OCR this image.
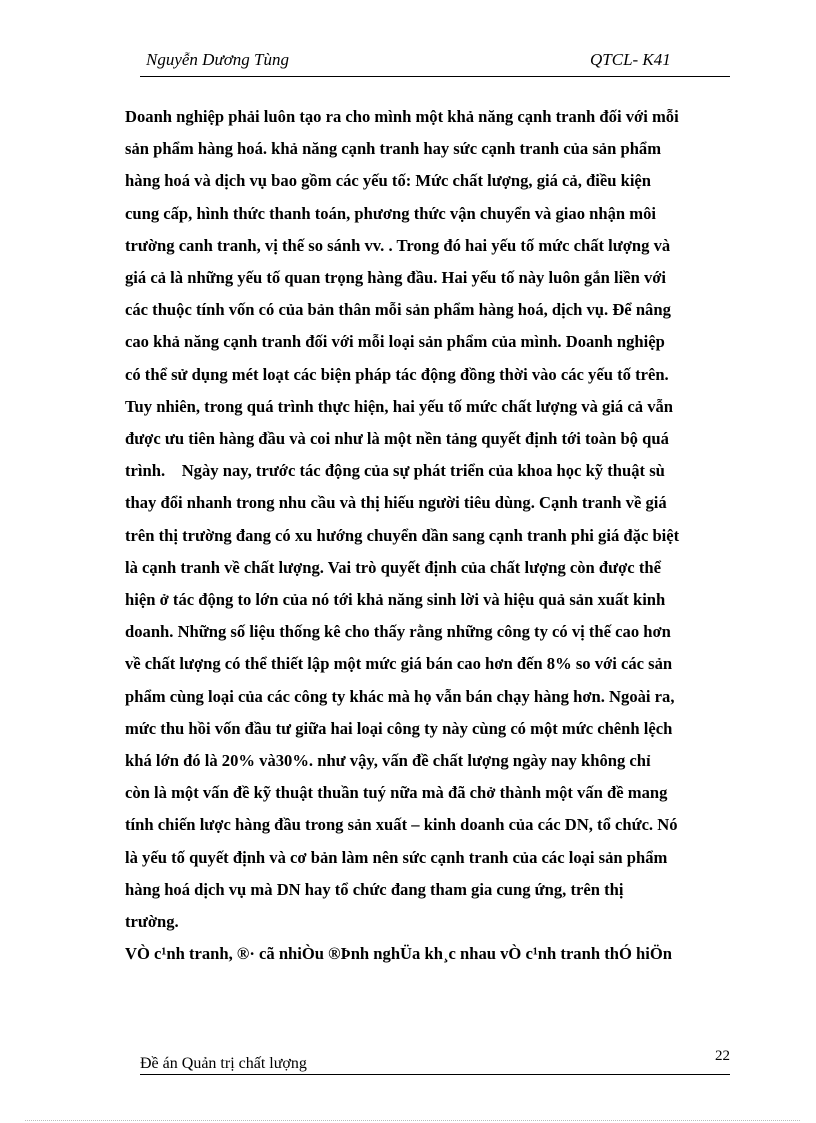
Nguyễn Dương Tùng	QTCL- K41
Doanh nghiệp phải luôn tạo ra cho mình một khả năng cạnh tranh đối với mỗi
sản phẩm hàng hoá. khả năng cạnh tranh hay sức cạnh tranh của sản phẩm
hàng hoá và dịch vụ bao gồm các yếu tố: Mức chất lượng, giá cả, điều kiện
cung cấp, hình thức thanh toán, phương thức vận chuyển và giao nhận môi
trường canh tranh, vị thế so sánh vv. . Trong đó hai yếu tố mức chất lượng và
giá cả là những yếu tố quan trọng hàng đầu. Hai yếu tố này luôn gắn liền với
các thuộc tính vốn có của bản thân mỗi sản phẩm hàng hoá, dịch vụ. Để nâng
cao khả năng cạnh tranh đối với mỗi loại sản phẩm của mình. Doanh nghiệp
có thể sử dụng mét loạt các biện pháp tác động đồng thời vào các yếu tố trên.
Tuy nhiên, trong quá trình thực hiện, hai yếu tố mức chất lượng và giá cả vẫn
được ưu tiên hàng đầu và coi như là một nền tảng quyết định tới toàn bộ quá
trình.    Ngày nay, trước tác động của sự phát triển của khoa học kỹ thuật sù
thay đổi nhanh trong nhu cầu và thị hiếu người tiêu dùng. Cạnh tranh về giá
trên thị trường đang có xu hướng chuyển dần sang cạnh tranh phi giá đặc biệt
là cạnh tranh về chất lượng. Vai trò quyết định của chất lượng còn được thể
hiện ở tác động to lớn của nó tới khả năng sinh lời và hiệu quả sản xuất kinh
doanh. Những số liệu thống kê cho thấy rằng những công ty có vị thế cao hơn
về chất lượng có thể thiết lập một mức giá bán cao hơn đến 8% so với các sản
phẩm cùng loại của các công ty khác mà họ vẫn bán chạy hàng hơn. Ngoài ra,
mức thu hồi vốn đầu tư giữa hai loại công ty này cùng có một mức chênh lệch
khá lớn đó là 20% và30%. như vậy, vấn đề chất lượng ngày nay không chỉ
còn là một vấn đề kỹ thuật thuần tuý nữa mà đã chở thành một vấn đề mang
tính chiến lược hàng đầu trong sản xuất – kinh doanh của các DN, tổ chức. Nó
là yếu tố quyết định và cơ bản làm nên sức cạnh tranh của các loại sản phẩm
hàng hoá dịch vụ mà DN hay tổ chức đang tham gia cung ứng, trên thị
trường.
VÒ c¹nh tranh, ®· cã nhiÒu ®Þnh nghÜa kh¸c nhau vÒ c¹nh tranh thÓ hiÖn
Đề án Quản trị chất lượng	22
